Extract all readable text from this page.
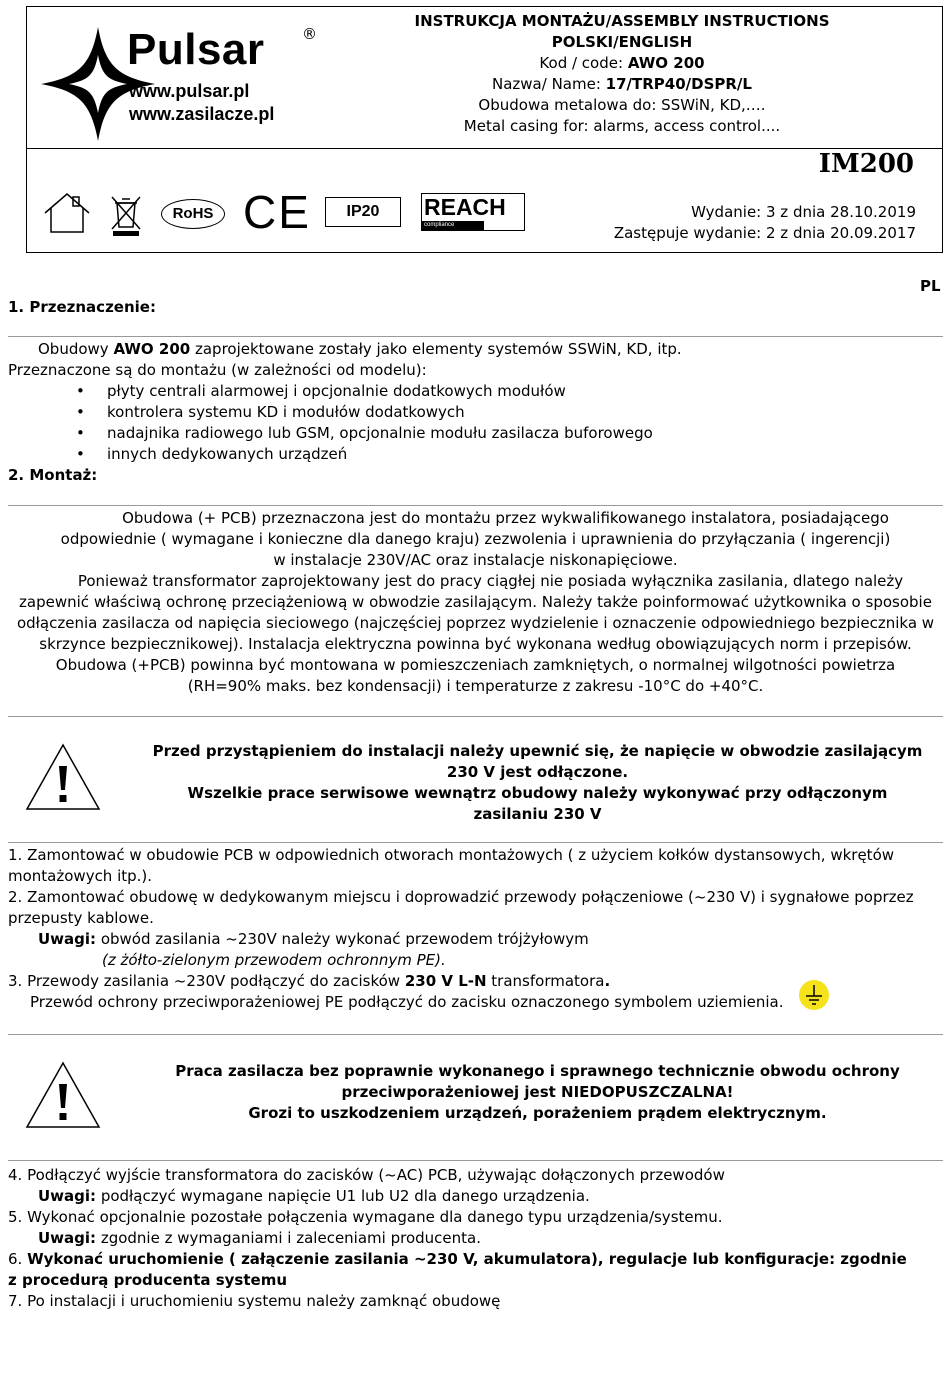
Pulsar ®
www.pulsar.pl
www.zasilacze.pl
INSTRUKCJA MONTAŻU/ASSEMBLY INSTRUCTIONS
POLSKI/ENGLISH
Kod / code: AWO 200
Nazwa/ Name: 17/TRP40/DSPR/L
Obudowa metalowa do: SSWiN, KD,….
Metal casing for: alarms, access control....
IM200
RoHS CE	IP20	REACH
compliance
Wydanie: 3 z dnia 28.10.2019
Zastępuje wydanie: 2 z dnia 20.09.2017
PL
1. Przeznaczenie:
Obudowy AWO 200 zaprojektowane zostały jako elementy systemów SSWiN, KD, itp.
Przeznaczone są do montażu (w zależności od modelu):
• płyty centrali alarmowej i opcjonalnie dodatkowych modułów
• kontrolera systemu KD i modułów dodatkowych
• nadajnika radiowego lub GSM, opcjonalnie modułu zasilacza buforowego
• innych dedykowanych urządzeń
2. Montaż:
Obudowa (+ PCB) przeznaczona jest do montażu przez wykwalifikowanego instalatora, posiadającego
odpowiednie ( wymagane i konieczne dla danego kraju) zezwolenia i uprawnienia do przyłączania ( ingerencji)
w instalacje 230V/AC oraz instalacje niskonapięciowe.
Ponieważ transformator zaprojektowany jest do pracy ciągłej nie posiada wyłącznika zasilania, dlatego należy
zapewnić właściwą ochronę przeciążeniową w obwodzie zasilającym. Należy także poinformować użytkownika o sposobie
odłączenia zasilacza od napięcia sieciowego (najczęściej poprzez wydzielenie i oznaczenie odpowiedniego bezpiecznika w
skrzynce bezpiecznikowej). Instalacja elektryczna powinna być wykonana według obowiązujących norm i przepisów.
Obudowa (+PCB) powinna być montowana w pomieszczeniach zamkniętych, o normalnej wilgotności powietrza
(RH=90% maks. bez kondensacji) i temperaturze z zakresu -10°C do +40°C.
Przed przystąpieniem do instalacji należy upewnić się, że napięcie w obwodzie zasilającym
230 V jest odłączone.
Wszelkie prace serwisowe wewnątrz obudowy należy wykonywać przy odłączonym
zasilaniu 230 V
1. Zamontować w obudowie PCB w odpowiednich otworach montażowych ( z użyciem kołków dystansowych, wkrętów
montażowych itp.).
2. Zamontować obudowę w dedykowanym miejscu i doprowadzić przewody połączeniowe (~230 V) i sygnałowe poprzez
przepusty kablowe.
Uwagi: obwód zasilania ~230V należy wykonać przewodem trójżyłowym
(z żółto-zielonym przewodem ochronnym PE).
3. Przewody zasilania ~230V podłączyć do zacisków 230 V L-N transformatora.
Przewód ochrony przeciwporażeniowej PE podłączyć do zacisku oznaczonego symbolem uziemienia.
Praca zasilacza bez poprawnie wykonanego i sprawnego technicznie obwodu ochrony
przeciwporażeniowej jest NIEDOPUSZCZALNA!
Grozi to uszkodzeniem urządzeń, porażeniem prądem elektrycznym.
4. Podłączyć wyjście transformatora do zacisków (~AC) PCB, używając dołączonych przewodów
Uwagi: podłączyć wymagane napięcie U1 lub U2 dla danego urządzenia.
5. Wykonać opcjonalnie pozostałe połączenia wymagane dla danego typu urządzenia/systemu.
Uwagi: zgodnie z wymaganiami i zaleceniami producenta.
6. Wykonać uruchomienie ( załączenie zasilania ~230 V, akumulatora), regulacje lub konfiguracje: zgodnie
z procedurą producenta systemu
7. Po instalacji i uruchomieniu systemu należy zamknąć obudowę
